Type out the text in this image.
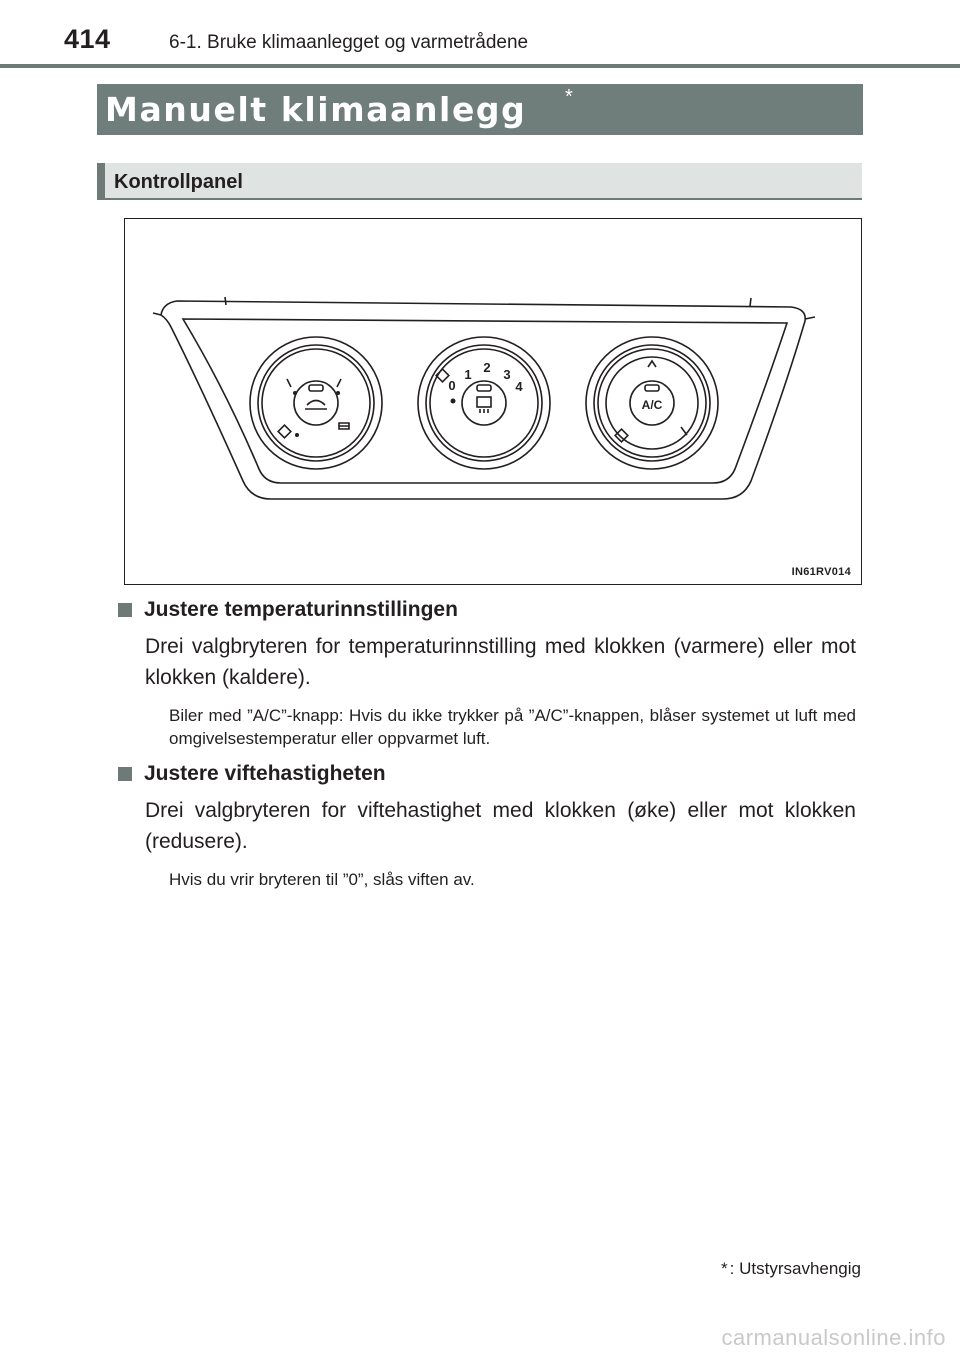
414	6-1. Bruke klimaanlegget og varmetrådene
Manuelt klimaanlegg *
Kontrollpanel
0
1 2 3
4
A/C
IN61RV014
Justere temperaturinnstillingen
Drei valgbryteren for temperaturinnstilling med klokken (varmere) eller mot klokken (kaldere).
Biler med ”A/C”-knapp: Hvis du ikke trykker på ”A/C”-knappen, blåser systemet ut luft med omgivelsestemperatur eller oppvarmet luft.
Justere viftehastigheten
Drei valgbryteren for viftehastighet med klokken (øke) eller mot klokken (redusere).
Hvis du vrir bryteren til ”0”, slås viften av.
* : Utstyrsavhengig
carmanualsonline.info
